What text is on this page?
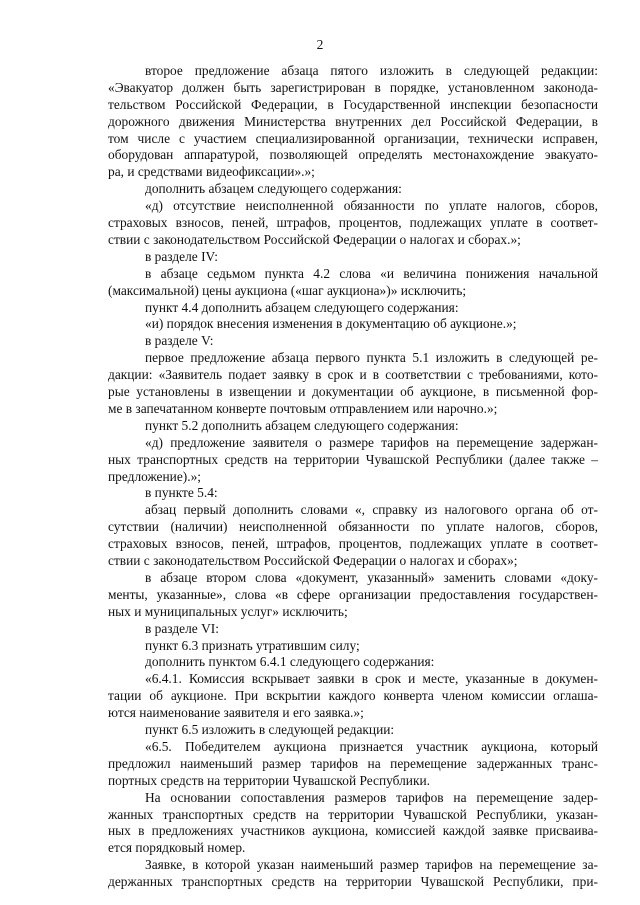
2
второе предложение абзаца пятого изложить в следующей редакции:
«Эвакуатор должен быть зарегистрирован в порядке, установленном законода-
тельством Российской Федерации, в Государственной инспекции безопасности
дорожного движения Министерства внутренних дел Российской Федерации, в
том числе с участием специализированной организации, технически исправен,
оборудован аппаратурой, позволяющей определять местонахождение эвакуато-
ра, и средствами видеофиксации».»;
дополнить абзацем следующего содержания:
«д) отсутствие неисполненной обязанности по уплате налогов, сборов,
страховых взносов, пеней, штрафов, процентов, подлежащих уплате в соответ-
ствии с законодательством Российской Федерации о налогах и сборах.»;
в разделе IV:
в абзаце седьмом пункта 4.2 слова «и величина понижения начальной
(максимальной) цены аукциона («шаг аукциона»)» исключить;
пункт 4.4 дополнить абзацем следующего содержания:
«и) порядок внесения изменения в документацию об аукционе.»;
в разделе V:
первое предложение абзаца первого пункта 5.1 изложить в следующей ре-
дакции: «Заявитель подает заявку в срок и в соответствии с требованиями, кото-
рые установлены в извещении и документации об аукционе, в письменной фор-
ме в запечатанном конверте почтовым отправлением или нарочно.»;
пункт 5.2 дополнить абзацем следующего содержания:
«д) предложение заявителя о размере тарифов на перемещение задержан-
ных транспортных средств на территории Чувашской Республики (далее также –
предложение).»;
в пункте 5.4:
абзац первый дополнить словами «, справку из налогового органа об от-
сутствии (наличии) неисполненной обязанности по уплате налогов, сборов,
страховых взносов, пеней, штрафов, процентов, подлежащих уплате в соответ-
ствии с законодательством Российской Федерации о налогах и сборах»;
в абзаце втором слова «документ, указанный» заменить словами «доку-
менты, указанные», слова «в сфере организации предоставления государствен-
ных и муниципальных услуг» исключить;
в разделе VI:
пункт 6.3 признать утратившим силу;
дополнить пунктом 6.4.1 следующего содержания:
«6.4.1. Комиссия вскрывает заявки в срок и месте, указанные в докумен-
тации об аукционе. При вскрытии каждого конверта членом комиссии оглаша-
ются наименование заявителя и его заявка.»;
пункт 6.5 изложить в следующей редакции:
«6.5. Победителем аукциона признается участник аукциона, который
предложил наименьший размер тарифов на перемещение задержанных транс-
портных средств на территории Чувашской Республики.
На основании сопоставления размеров тарифов на перемещение задер-
жанных транспортных средств на территории Чувашской Республики, указан-
ных в предложениях участников аукциона, комиссией каждой заявке присваива-
ется порядковый номер.
Заявке, в которой указан наименьший размер тарифов на перемещение за-
держанных транспортных средств на территории Чувашской Республики, при-
